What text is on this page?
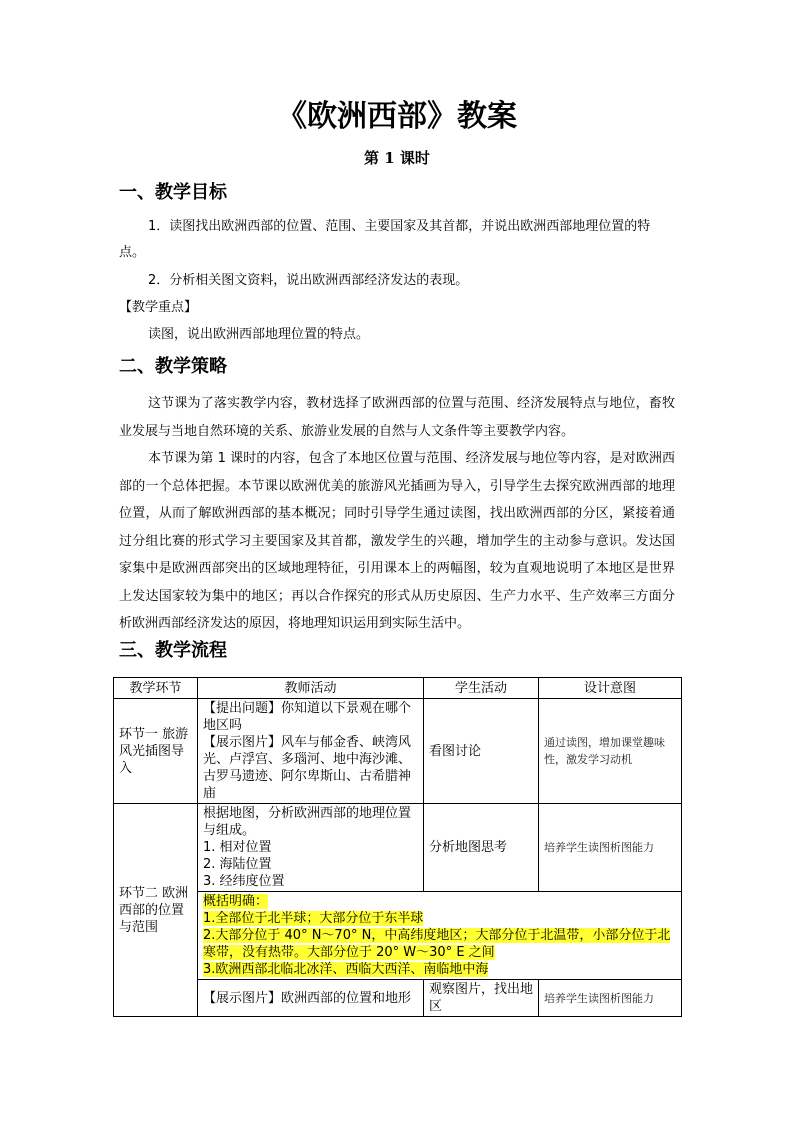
《欧洲西部》教案
第 1 课时
一、教学目标
1．读图找出欧洲西部的位置、范围、主要国家及其首都，并说出欧洲西部地理位置的特点。
2．分析相关图文资料，说出欧洲西部经济发达的表现。
【教学重点】
读图，说出欧洲西部地理位置的特点。
二、教学策略
这节课为了落实教学内容，教材选择了欧洲西部的位置与范围、经济发展特点与地位，畜牧业发展与当地自然环境的关系、旅游业发展的自然与人文条件等主要教学内容。
本节课为第 1 课时的内容，包含了本地区位置与范围、经济发展与地位等内容，是对欧洲西部的一个总体把握。本节课以欧洲优美的旅游风光插画为导入，引导学生去探究欧洲西部的地理位置，从而了解欧洲西部的基本概况；同时引导学生通过读图，找出欧洲西部的分区，紧接着通过分组比赛的形式学习主要国家及其首都，激发学生的兴趣，增加学生的主动参与意识。发达国家集中是欧洲西部突出的区域地理特征，引用课本上的两幅图，较为直观地说明了本地区是世界上发达国家较为集中的地区；再以合作探究的形式从历史原因、生产力水平、生产效率三方面分析欧洲西部经济发达的原因，将地理知识运用到实际生活中。
三、教学流程
教学环节	教师活动	学生活动	设计意图
环节一 旅游风光插图导入	【提出问题】你知道以下景观在哪个地区吗
【展示图片】风车与郁金香、峡湾风光、卢浮宫、多瑙河、地中海沙滩、古罗马遗迹、阿尔卑斯山、古希腊神庙	看图讨论	通过读图，增加课堂趣味性，激发学习动机
环节二 欧洲西部的位置与范围	根据地图，分析欧洲西部的地理位置与组成。
1. 相对位置
2. 海陆位置
3. 经纬度位置	分析地图思考	培养学生读图析图能力

	概括明确：
1.全部位于北半球；大部分位于东半球
2.大部分位于 40° N～70° N，中高纬度地区；大部分位于北温带，小部分位于北寒带，没有热带。大部分位于 20° W～30° E 之间
3.欧洲西部北临北冰洋、西临大西洋、南临地中海		

	【展示图片】欧洲西部的位置和地形	观察图片，找出地区	培养学生读图析图能力
